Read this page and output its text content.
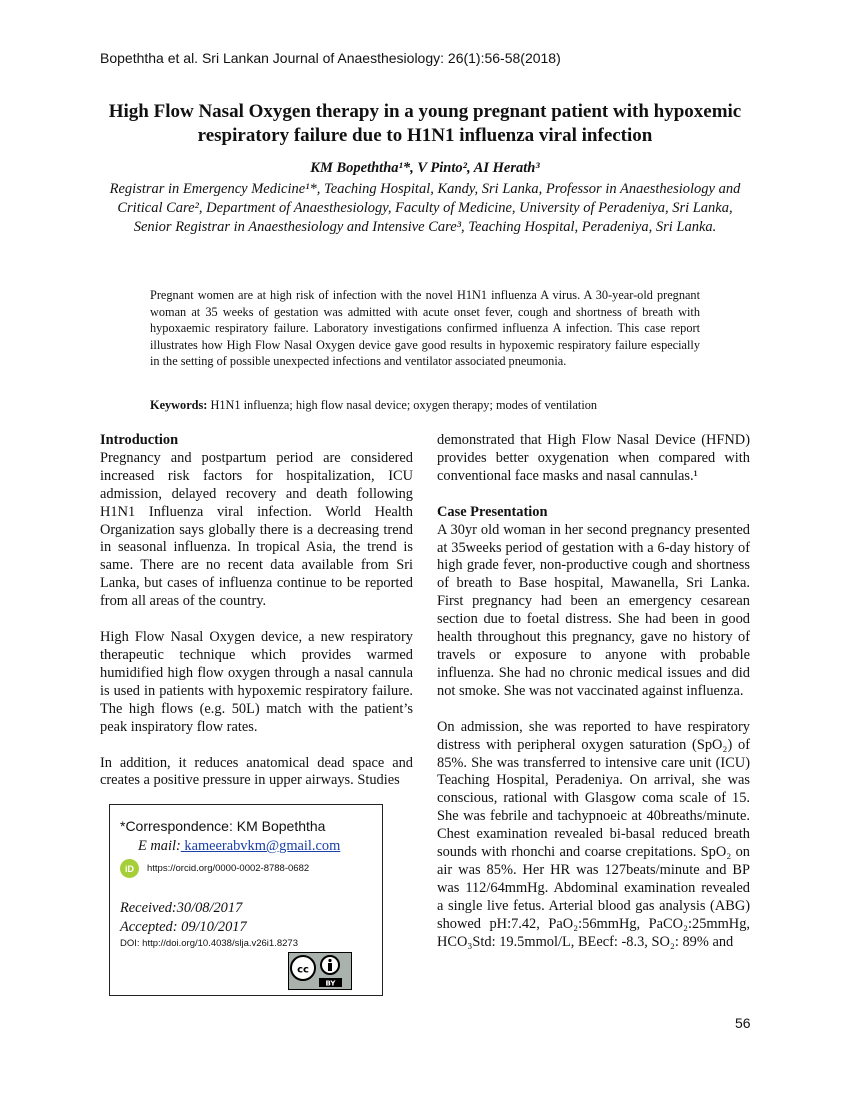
Bopeththa et al. Sri Lankan Journal of Anaesthesiology: 26(1):56-58(2018)
High Flow Nasal Oxygen therapy in a young pregnant patient with hypoxemic respiratory failure due to H1N1 influenza viral infection
KM Bopeththa¹*, V Pinto², AI Herath³
Registrar in Emergency Medicine¹*, Teaching Hospital, Kandy, Sri Lanka, Professor in Anaesthesiology and Critical Care², Department of Anaesthesiology, Faculty of Medicine, University of Peradeniya, Sri Lanka, Senior Registrar in Anaesthesiology and Intensive Care³, Teaching Hospital, Peradeniya, Sri Lanka.
Pregnant women are at high risk of infection with the novel H1N1 influenza A virus. A 30-year-old pregnant woman at 35 weeks of gestation was admitted with acute onset fever, cough and shortness of breath with hypoxaemic respiratory failure. Laboratory investigations confirmed influenza A infection. This case report illustrates how High Flow Nasal Oxygen device gave good results in hypoxemic respiratory failure especially in the setting of possible unexpected infections and ventilator associated pneumonia.
Keywords: H1N1 influenza; high flow nasal device; oxygen therapy; modes of ventilation
Introduction

Pregnancy and postpartum period are considered increased risk factors for hospitalization, ICU admission, delayed recovery and death following H1N1 Influenza viral infection. World Health Organization says globally there is a decreasing trend in seasonal influenza. In tropical Asia, the trend is same. There are no recent data available from Sri Lanka, but cases of influenza continue to be reported from all areas of the country.

High Flow Nasal Oxygen device, a new respiratory therapeutic technique which provides warmed humidified high flow oxygen through a nasal cannula is used in patients with hypoxemic respiratory failure. The high flows (e.g. 50L) match with the patient’s peak inspiratory flow rates.

In addition, it reduces anatomical dead space and creates a positive pressure in upper airways. Studies

demonstrated that High Flow Nasal Device (HFND) provides better oxygenation when compared with conventional face masks and nasal cannulas.¹

Case Presentation

A 30yr old woman in her second pregnancy presented at 35weeks period of gestation with a 6-day history of high grade fever, non-productive cough and shortness of breath to Base hospital, Mawanella, Sri Lanka. First pregnancy had been an emergency cesarean section due to foetal distress. She had been in good health throughout this pregnancy, gave no history of travels or exposure to anyone with probable influenza. She had no chronic medical issues and did not smoke. She was not vaccinated against influenza.

On admission, she was reported to have respiratory distress with peripheral oxygen saturation (SpO₂) of 85%. She was transferred to intensive care unit (ICU) Teaching Hospital, Peradeniya. On arrival, she was conscious, rational with Glasgow coma scale of 15. She was febrile and tachypnoeic at 40breaths/minute. Chest examination revealed bi-basal reduced breath sounds with rhonchi and coarse crepitations. SpO₂ on air was 85%. Her HR was 127beats/minute and BP was 112/64mmHg. Abdominal examination revealed a single live fetus. Arterial blood gas analysis (ABG) showed pH:7.42, PaO₂:56mmHg, PaCO₂:25mmHg, HCO₃Std: 19.5mmol/L, BEecf: -8.3, SO₂: 89% and

*Correspondence: KM Bopeththa
E mail: kameerabvkm@gmail.com
iD	https://orcid.org/0000-0002-8788-0682
Received:30/08/2017
Accepted: 09/10/2017
DOI: http://doi.org/10.4038/slja.v26i1.8273
cc
BY
56
